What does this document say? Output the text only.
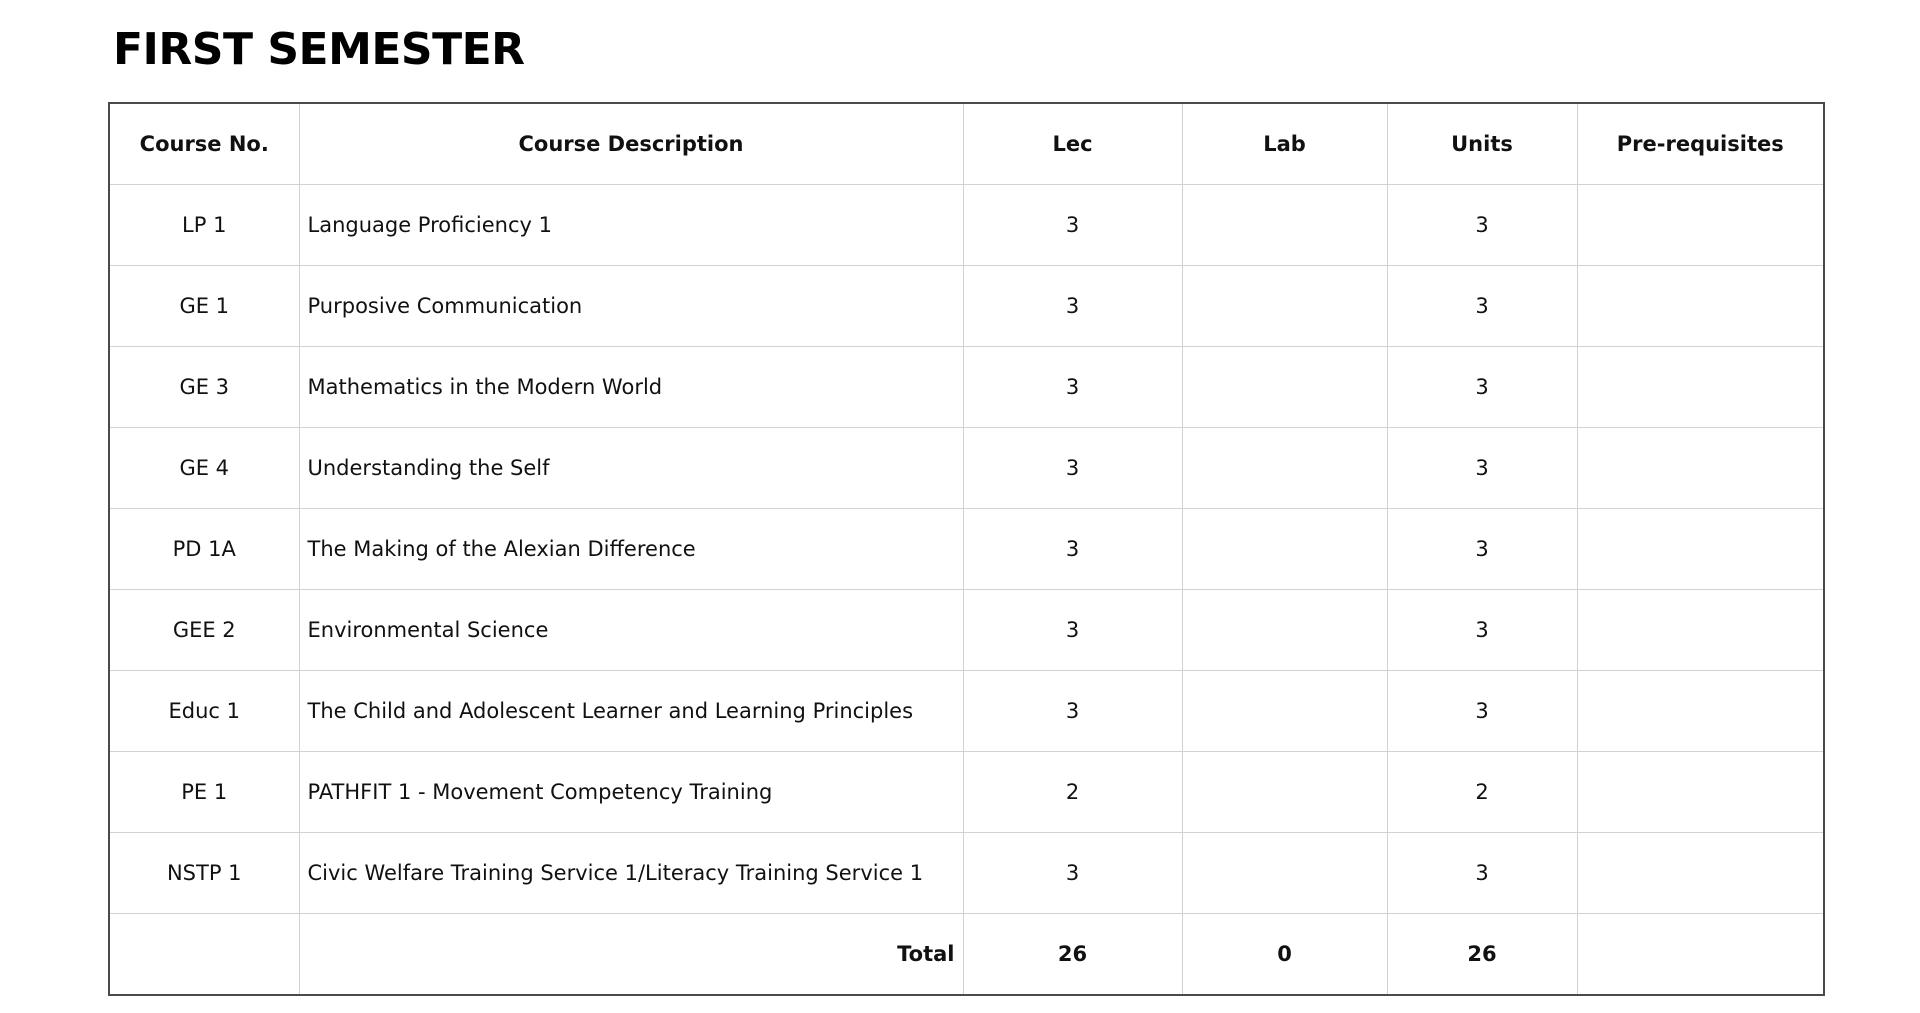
FIRST SEMESTER
Course No.	Course Description	Lec	Lab	Units	Pre-requisites
LP 1	Language Proficiency 1	3		3	
GE 1	Purposive Communication	3		3	
GE 3	Mathematics in the Modern World	3		3	
GE 4	Understanding the Self	3		3	
PD 1A	The Making of the Alexian Difference	3		3	
GEE 2	Environmental Science	3		3	
Educ 1	The Child and Adolescent Learner and Learning Principles	3		3	
PE 1	PATHFIT 1 - Movement Competency Training	2		2	
NSTP 1	Civic Welfare Training Service 1/Literacy Training Service 1	3		3	
	Total	26	0	26	
